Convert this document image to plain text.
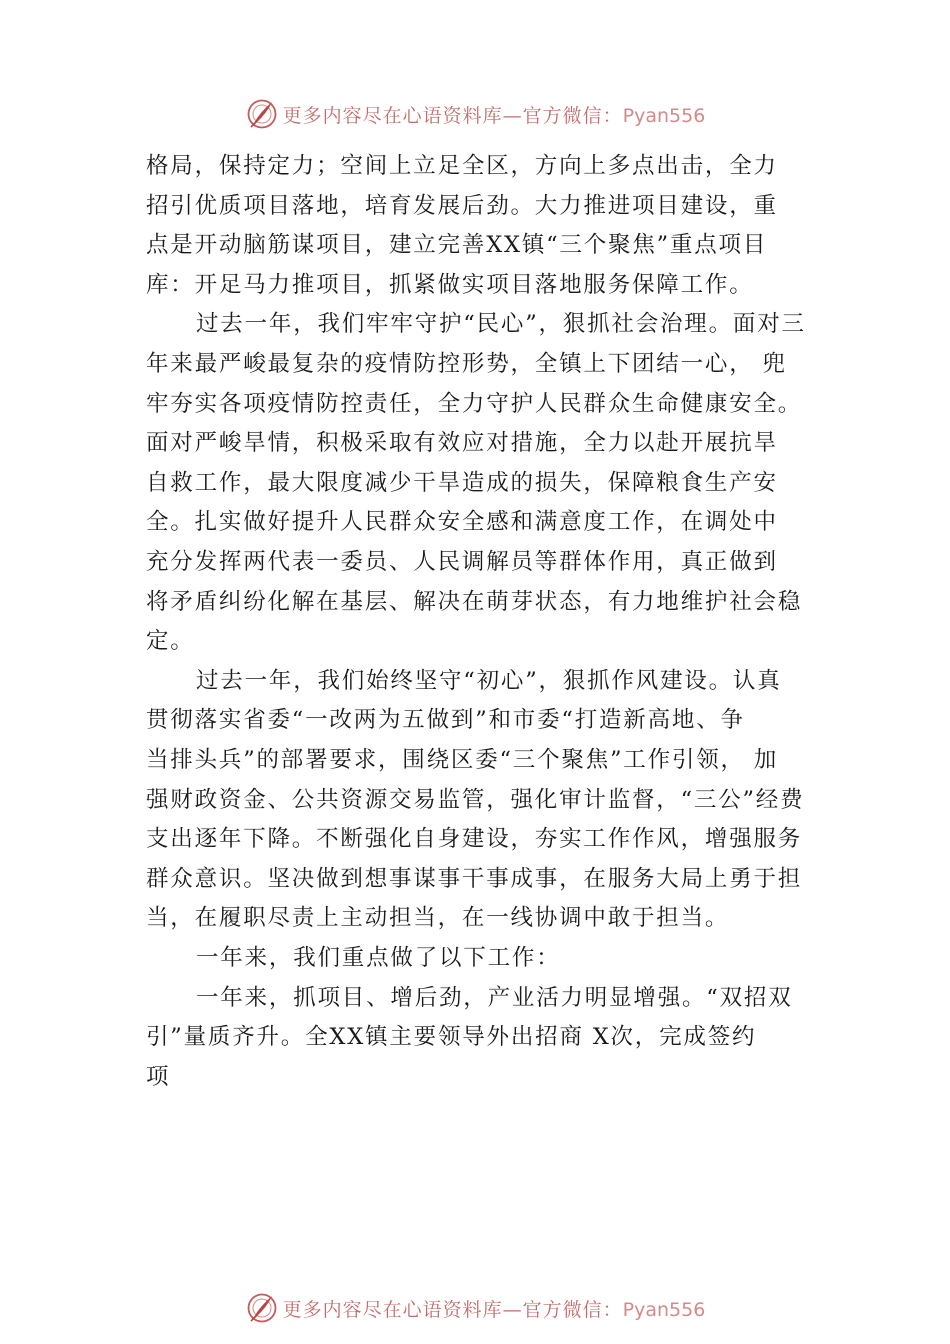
更多内容尽在心语资料库—官方微信：Pyan556
格局，保持定力；空间上立足全区，方向上多点出击，全力
招引优质项目落地，培育发展后劲。大力推进项目建设，重
点是开动脑筋谋项目，建立完善XX镇“三个聚焦”重点项目
库：开足马力推项目，抓紧做实项目落地服务保障工作。
过去一年，我们牢牢守护“民心”，狠抓社会治理。面对三
年来最严峻最复杂的疫情防控形势，全镇上下团结一心， 兜
牢夯实各项疫情防控责任，全力守护人民群众生命健康安全。
面对严峻旱情，积极采取有效应对措施，全力以赴开展抗旱
自救工作，最大限度减少干旱造成的损失，保障粮食生产安
全。扎实做好提升人民群众安全感和满意度工作，在调处中
充分发挥两代表一委员、人民调解员等群体作用，真正做到
将矛盾纠纷化解在基层、解决在萌芽状态，有力地维护社会稳
定。
过去一年，我们始终坚守“初心”，狠抓作风建设。认真
贯彻落实省委“一改两为五做到”和市委“打造新高地、争
当排头兵”的部署要求，围绕区委“三个聚焦”工作引领， 加
强财政资金、公共资源交易监管，强化审计监督，“三公”经费
支出逐年下降。不断强化自身建设，夯实工作作风，增强服务
群众意识。坚决做到想事谋事干事成事，在服务大局上勇于担
当，在履职尽责上主动担当，在一线协调中敢于担当。
一年来，我们重点做了以下工作：
一年来，抓项目、增后劲，产业活力明显增强。“双招双
引”量质齐升。全XX镇主要领导外出招商 X次，完成签约
项
更多内容尽在心语资料库—官方微信：Pyan556
